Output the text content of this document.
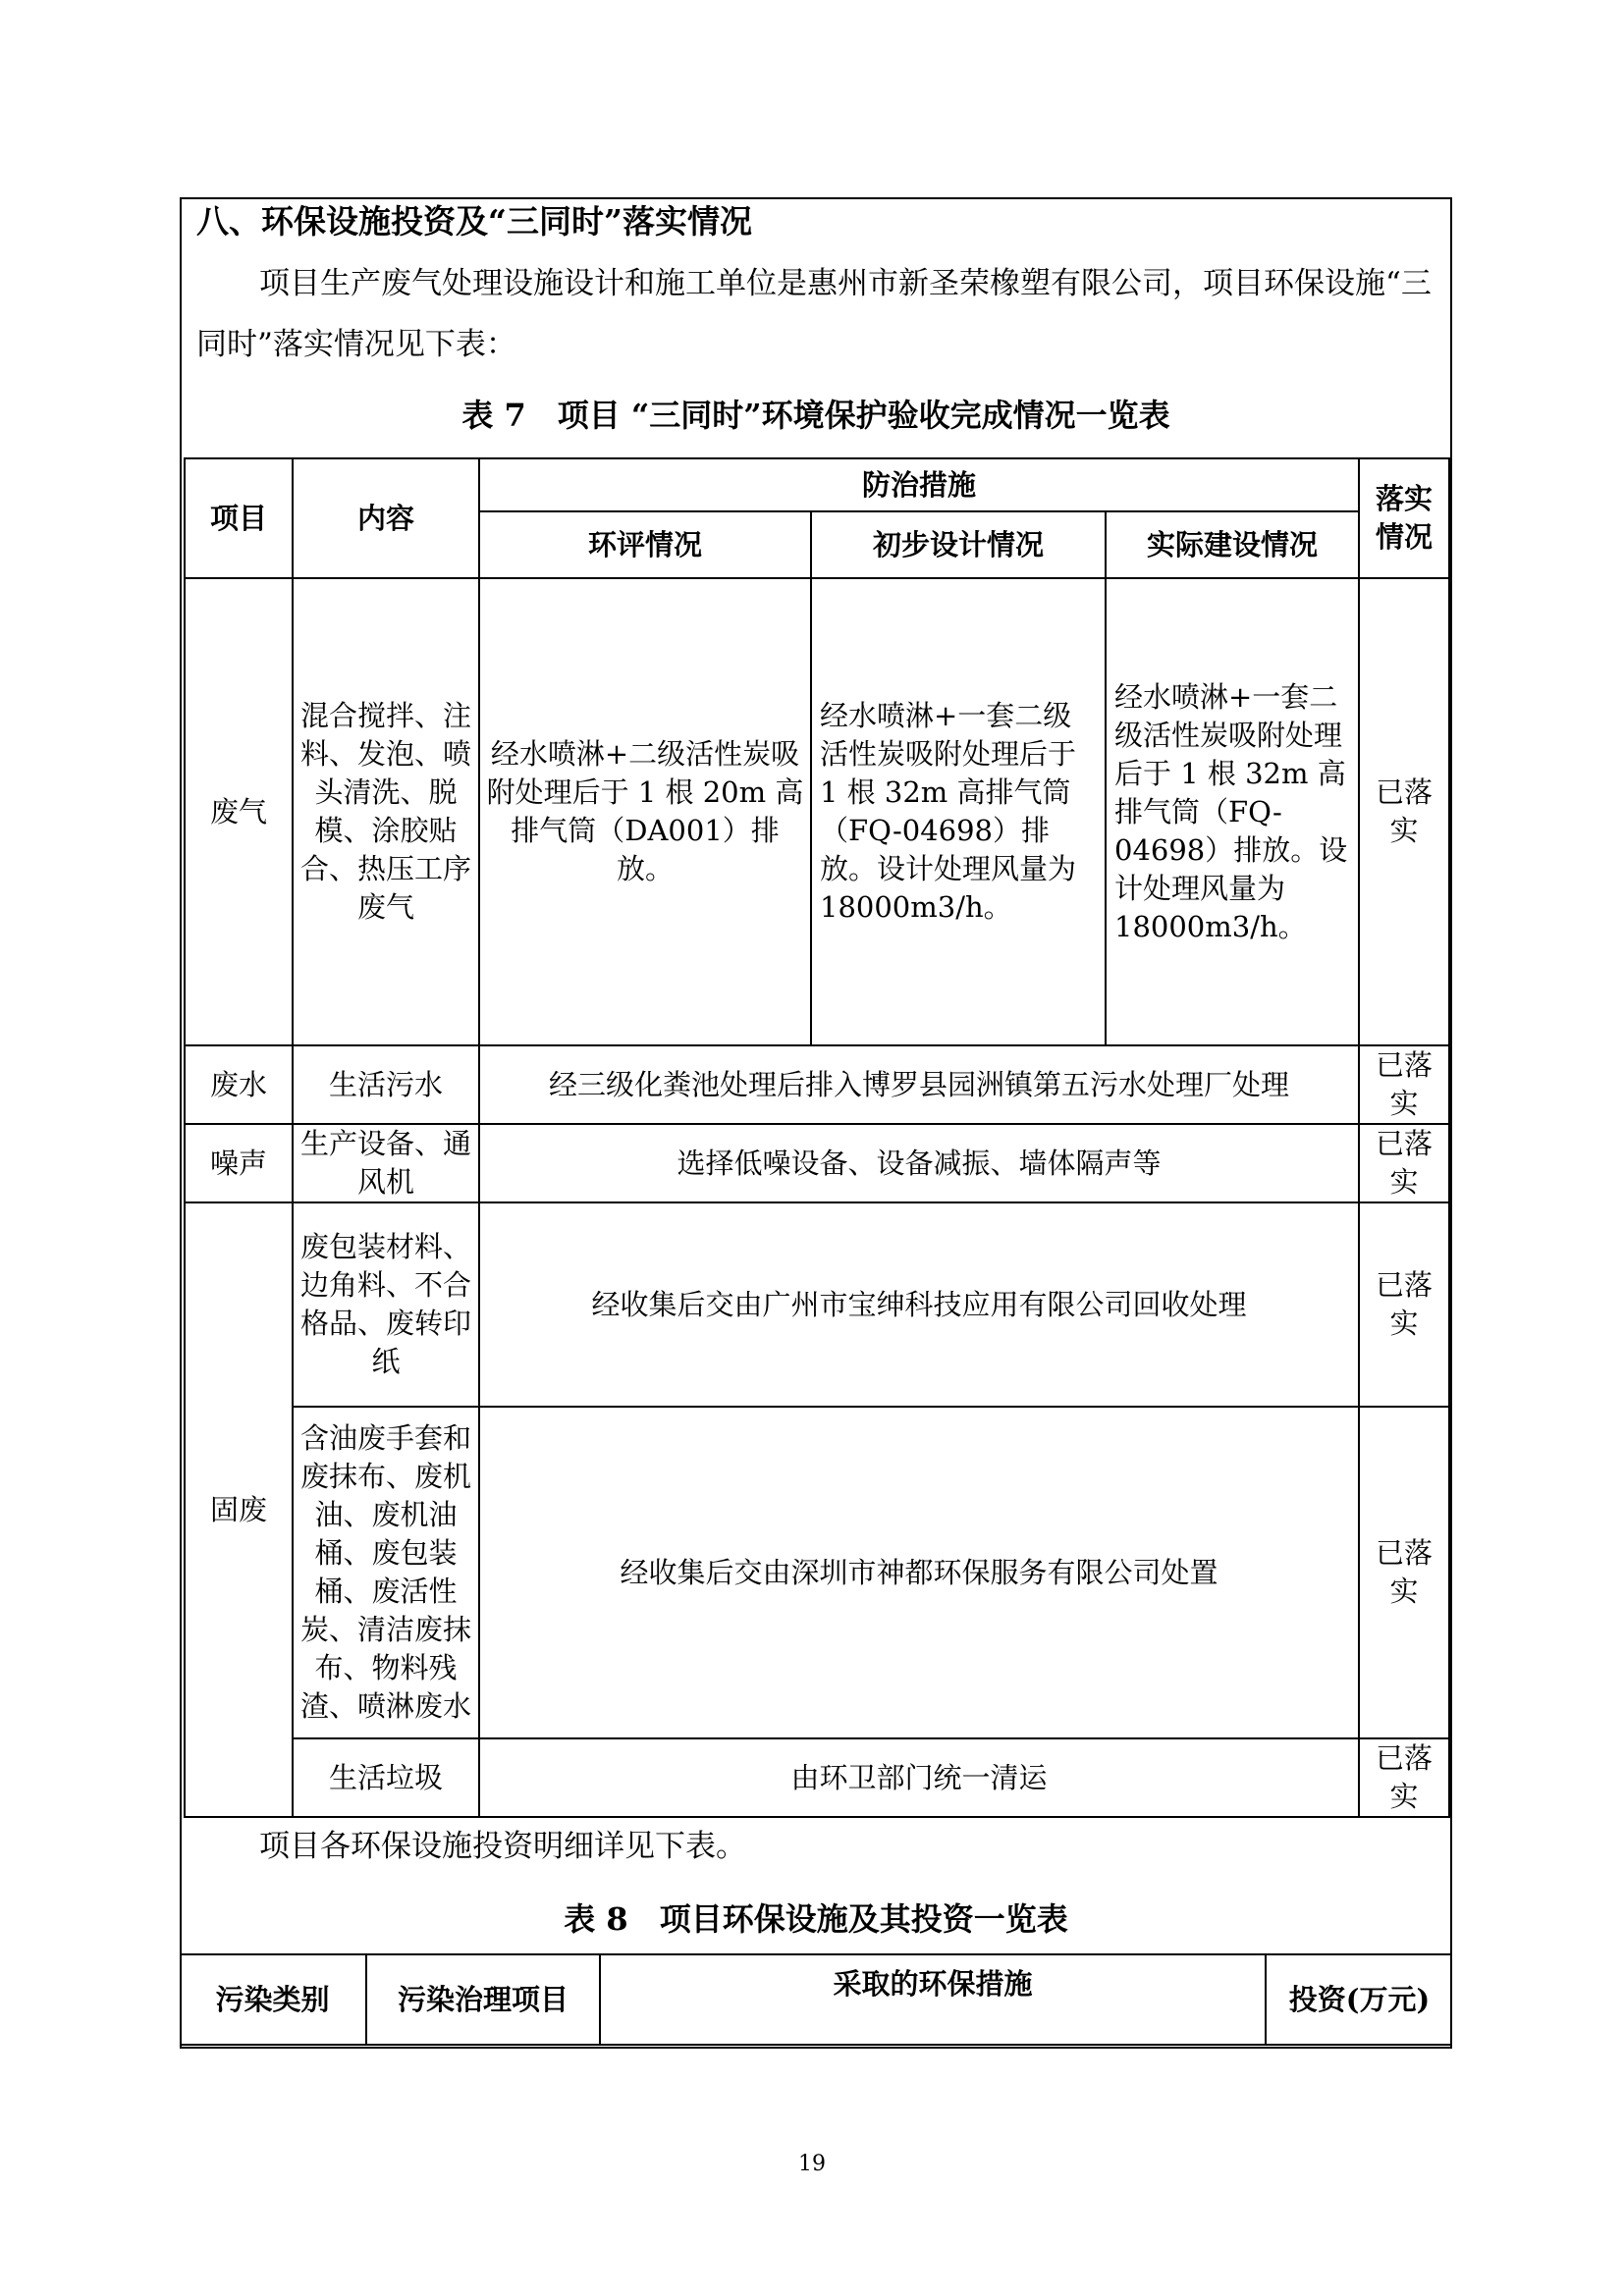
八、环保设施投资及“三同时”落实情况
项目生产废气处理设施设计和施工单位是惠州市新圣荣橡塑有限公司，项目环保设施“三同时”落实情况见下表：
表 7　项目 “三同时”环境保护验收完成情况一览表
项目	内容	防治措施			落实情况
		环评情况	初步设计情况	实际建设情况	
废气	混合搅拌、注料、发泡、喷头清洗、脱模、涂胶贴合、热压工序废气	经水喷淋+二级活性炭吸附处理后于 1 根 20m 高排气筒（DA001）排放。	经水喷淋+一套二级活性炭吸附处理后于 1 根 32m 高排气筒（FQ-04698）排放。设计处理风量为 18000m3/h。	经水喷淋+一套二级活性炭吸附处理后于 1 根 32m 高排气筒（FQ-04698）排放。设计处理风量为 18000m3/h。	已落实
废水	生活污水	经三级化粪池处理后排入博罗县园洲镇第五污水处理厂处理			已落实
噪声	生产设备、通风机	选择低噪设备、设备减振、墙体隔声等			已落实
固废	废包装材料、边角料、不合格品、废转印纸	经收集后交由广州市宝绅科技应用有限公司回收处理			已落实
	含油废手套和废抹布、废机油、废机油桶、废包装桶、废活性炭、清洁废抹布、物料残渣、喷淋废水	经收集后交由深圳市神都环保服务有限公司处置			已落实
	生活垃圾	由环卫部门统一清运			已落实
项目各环保设施投资明细详见下表。
表 8　项目环保设施及其投资一览表
污染类别	污染治理项目	采取的环保措施	投资(万元)
19
